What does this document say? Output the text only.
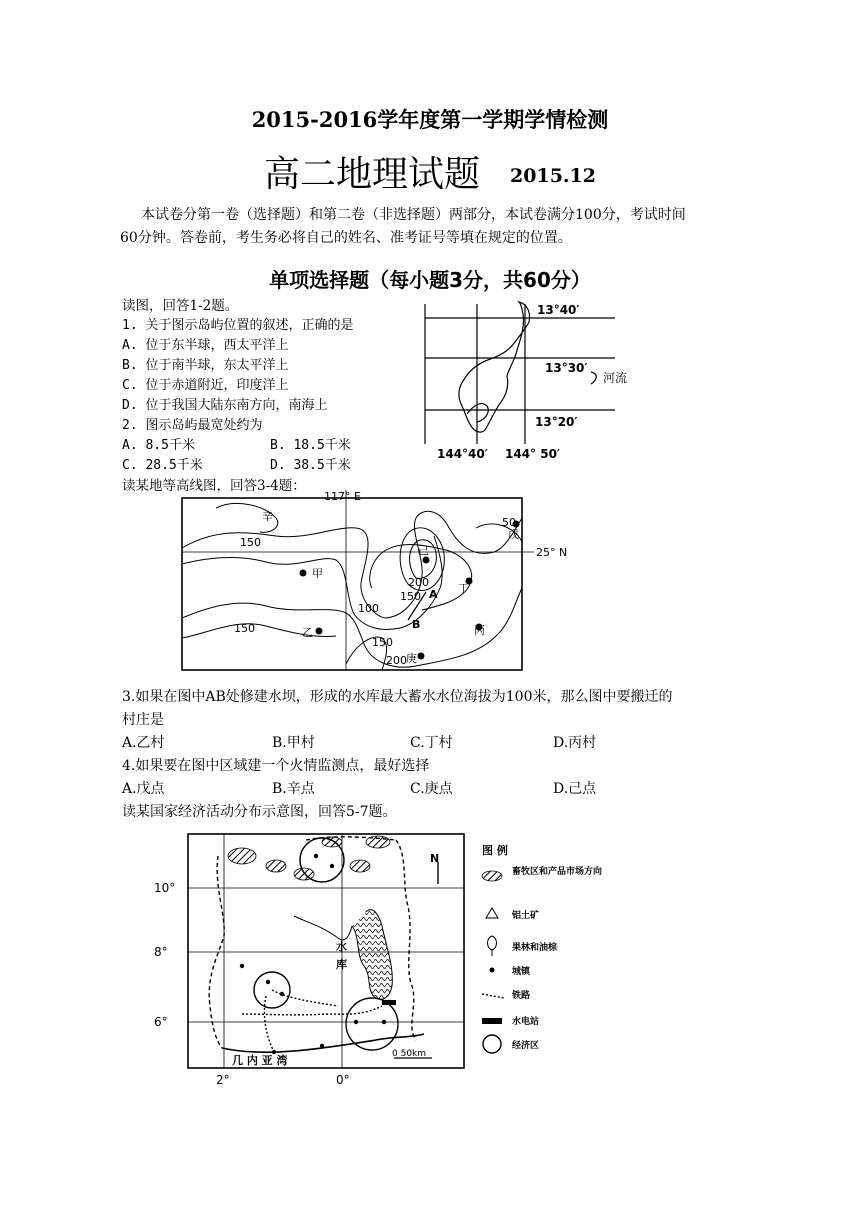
2015-2016学年度第一学期学情检测
高二地理试题 2015.12
本试卷分第一卷（选择题）和第二卷（非选择题）两部分，本试卷满分100分，考试时间
60分钟。答卷前，考生务必将自己的姓名、准考证号等填在规定的位置。
单项选择题（每小题3分，共60分）
读图，回答1-2题。
1. 关于图示岛屿位置的叙述，正确的是
A. 位于东半球，西太平洋上
B. 位于南半球，东太平洋上
C. 位于赤道附近，印度洋上
D. 位于我国大陆东南方向，南海上
2. 图示岛屿最宽处约为
A. 8.5千米	B. 18.5千米
C. 28.5千米	D. 38.5千米
13°40′
13°30′
13°20′
144°40′ 144° 50′
河流
读某地等高线图，回答3-4题：
117° E
25° N
150
150
150
150
200
200
100
50
A
B
辛
戊
己
甲
丁
乙	丙
庚
3.如果在图中AB处修建水坝，形成的水库最大蓄水水位海拔为100米，那么图中要搬迁的
村庄是
A.乙村	B.甲村	C.丁村	D.丙村
4.如果要在图中区域建一个火情监测点，最好选择
A.戊点	B.辛点	C.庚点	D.己点
读某国家经济活动分布示意图，回答5-7题。
10°
8°
6°
2°	0°
水
库
几 内 亚 湾	0 50km
N
图 例
畜牧区和产品市场方向
铝土矿
果林和油棕
城镇
铁路
水电站
经济区
